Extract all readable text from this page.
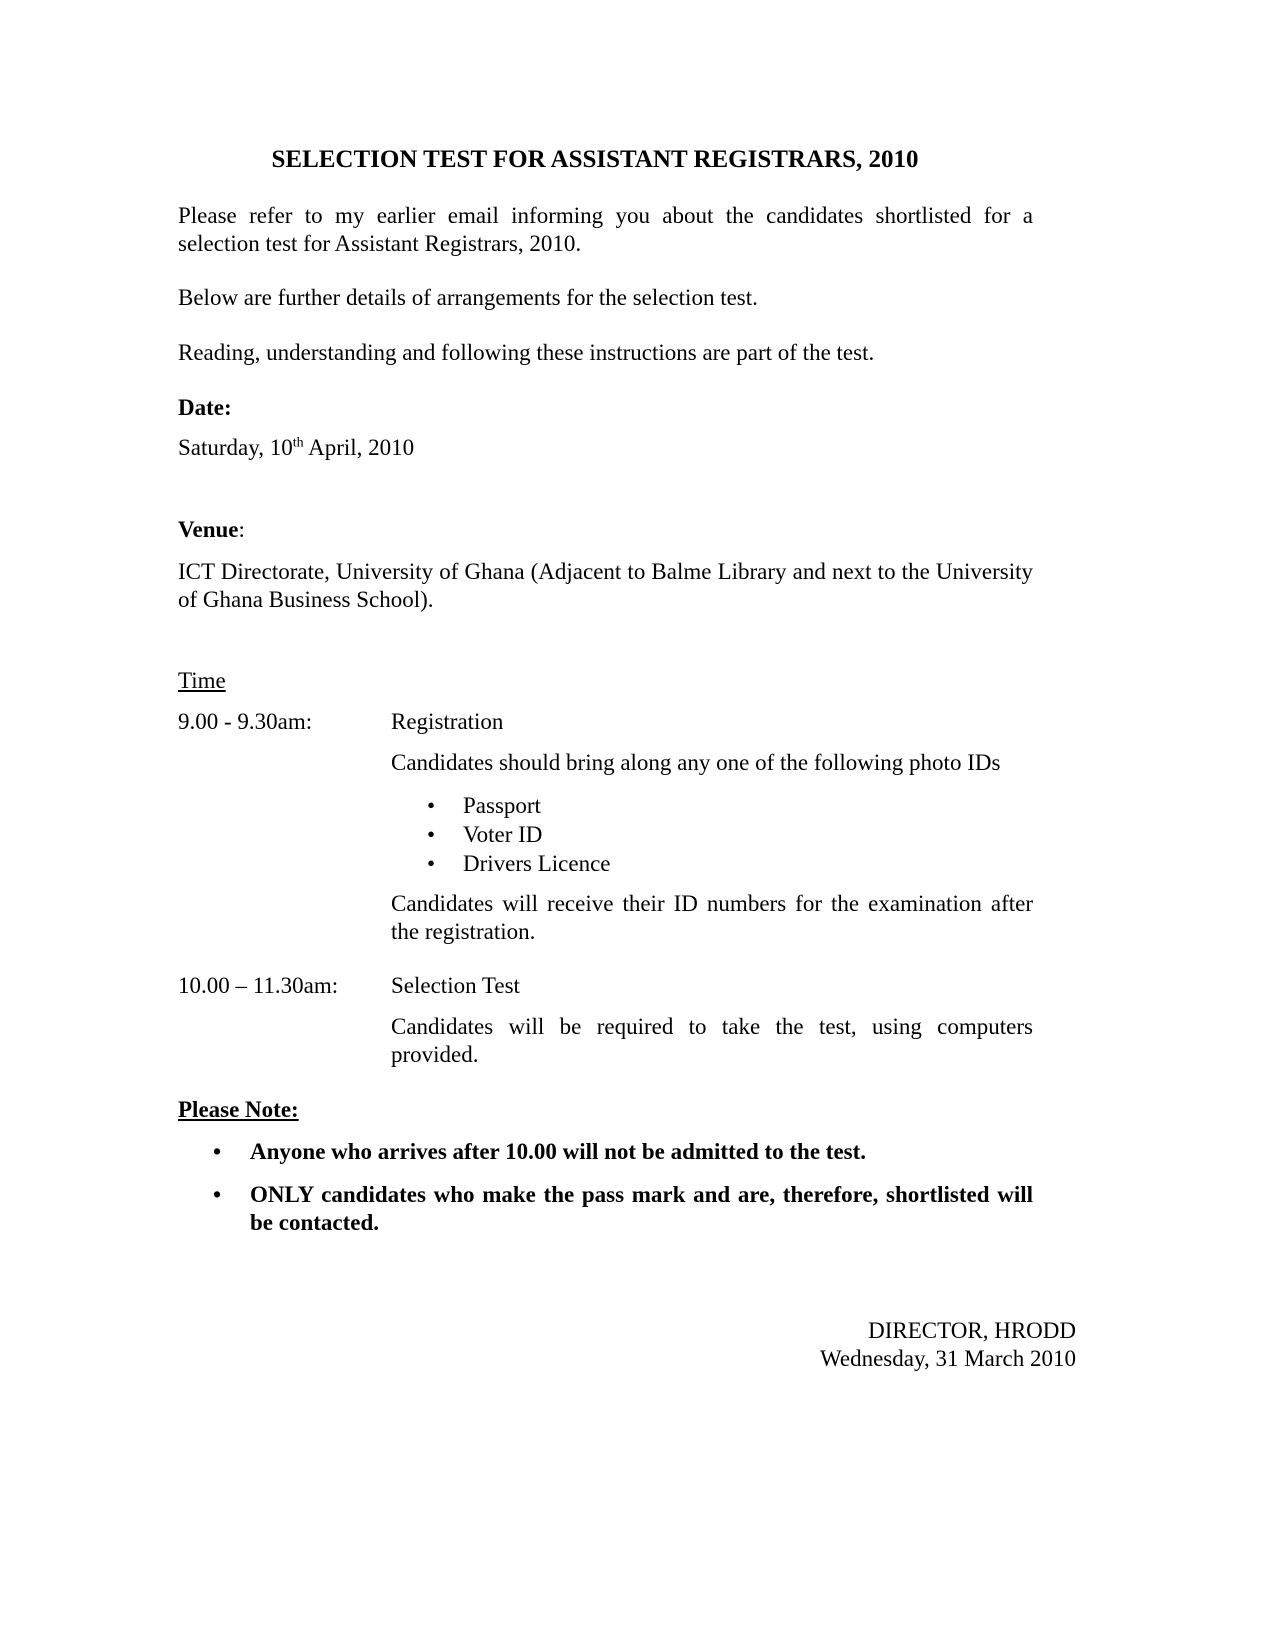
SELECTION TEST FOR ASSISTANT REGISTRARS, 2010
Please refer to my earlier email informing you about the candidates shortlisted for a selection test for Assistant Registrars, 2010.
Below are further details of arrangements for the selection test.
Reading, understanding and following these instructions are part of the test.
Date:
Saturday, 10th April, 2010
Venue:
ICT Directorate, University of Ghana (Adjacent to Balme Library and next to the University of Ghana Business School).
Time
9.00 - 9.30am:	Registration
Candidates should bring along any one of the following photo IDs
• Passport
• Voter ID
• Drivers Licence
Candidates will receive their ID numbers for the examination after the registration.
10.00 – 11.30am: Selection Test
Candidates will be required to take the test, using computers provided.
Please Note:
• Anyone who arrives after 10.00 will not be admitted to the test.
• ONLY candidates who make the pass mark and are, therefore, shortlisted will be contacted.
DIRECTOR, HRODD
Wednesday, 31 March 2010
